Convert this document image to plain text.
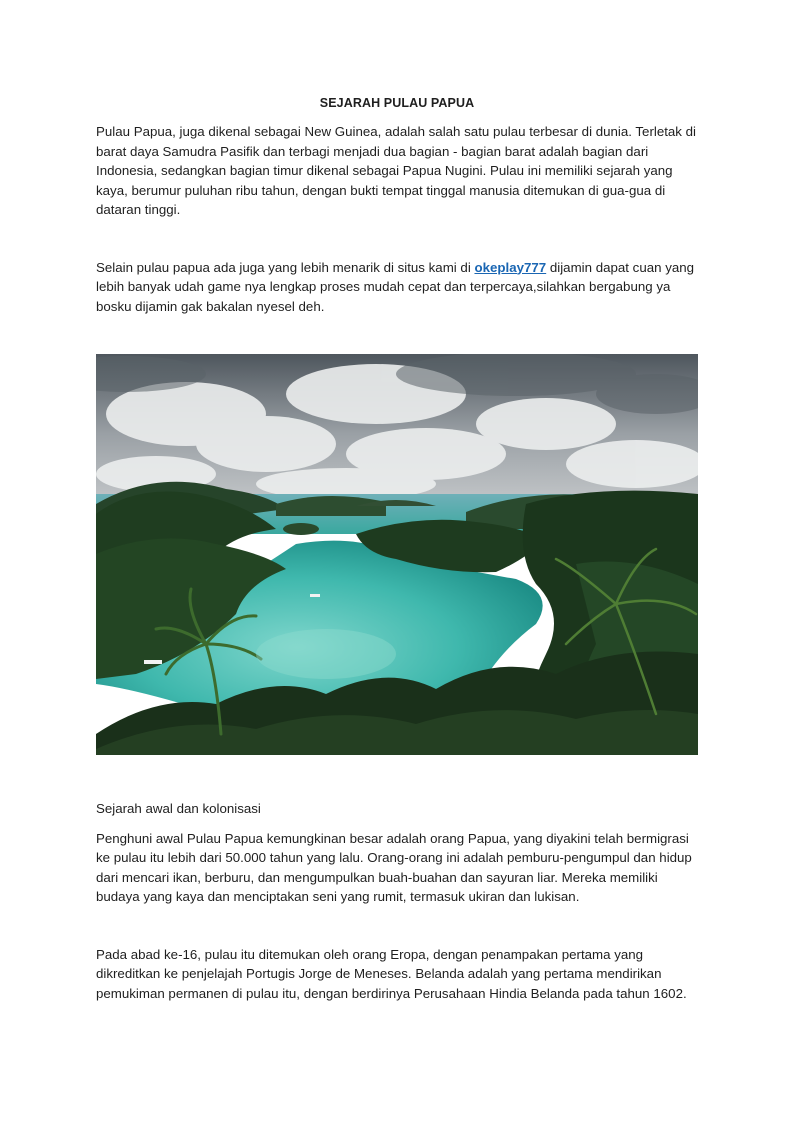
SEJARAH PULAU PAPUA

Pulau Papua, juga dikenal sebagai New Guinea, adalah salah satu pulau terbesar di dunia. Terletak di barat daya Samudra Pasifik dan terbagi menjadi dua bagian - bagian barat adalah bagian dari Indonesia, sedangkan bagian timur dikenal sebagai Papua Nugini. Pulau ini memiliki sejarah yang kaya, berumur puluhan ribu tahun, dengan bukti tempat tinggal manusia ditemukan di gua-gua di dataran tinggi.

Selain pulau papua ada juga yang lebih menarik di situs kami di okeplay777 dijamin dapat cuan yang lebih banyak udah game nya lengkap proses mudah cepat dan terpercaya,silahkan bergabung ya bosku dijamin gak bakalan nyesel deh.

Sejarah awal dan kolonisasi

Penghuni awal Pulau Papua kemungkinan besar adalah orang Papua, yang diyakini telah bermigrasi ke pulau itu lebih dari 50.000 tahun yang lalu. Orang-orang ini adalah pemburu-pengumpul dan hidup dari mencari ikan, berburu, dan mengumpulkan buah-buahan dan sayuran liar. Mereka memiliki budaya yang kaya dan menciptakan seni yang rumit, termasuk ukiran dan lukisan.

Pada abad ke-16, pulau itu ditemukan oleh orang Eropa, dengan penampakan pertama yang dikreditkan ke penjelajah Portugis Jorge de Meneses. Belanda adalah yang pertama mendirikan pemukiman permanen di pulau itu, dengan berdirinya Perusahaan Hindia Belanda pada tahun 1602.
